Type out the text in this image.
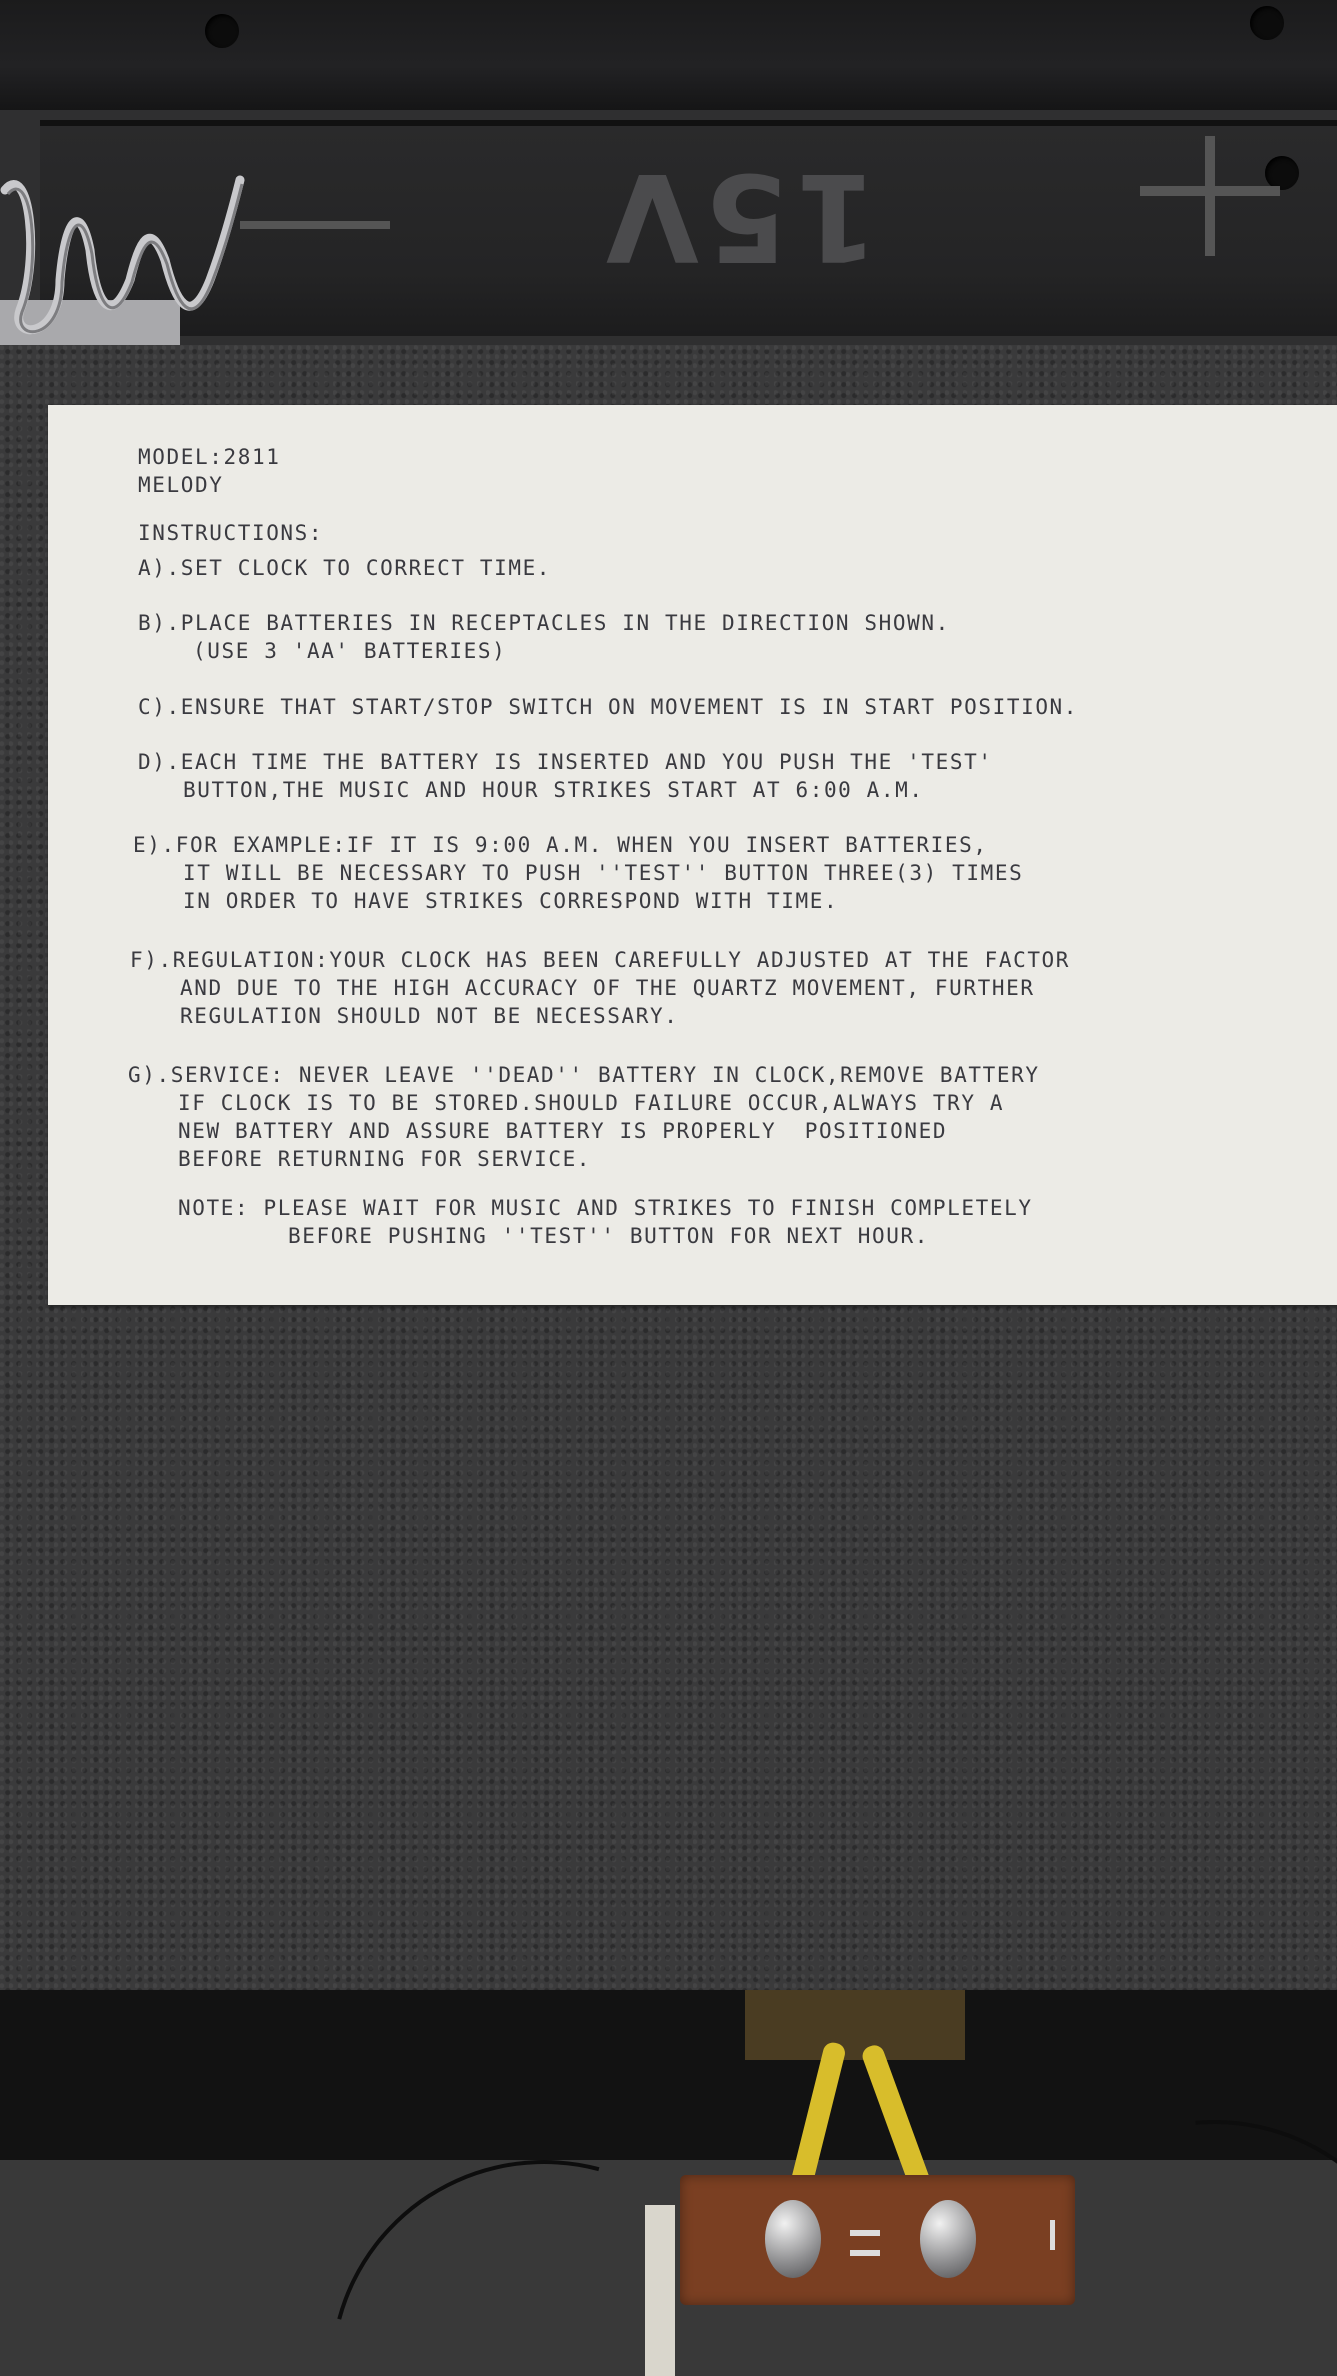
15V
MODEL:2811
MELODY
INSTRUCTIONS:
A).SET CLOCK TO CORRECT TIME.
B).PLACE BATTERIES IN RECEPTACLES IN THE DIRECTION SHOWN.
(USE 3 'AA' BATTERIES)
C).ENSURE THAT START/STOP SWITCH ON MOVEMENT IS IN START POSITION.
D).EACH TIME THE BATTERY IS INSERTED AND YOU PUSH THE 'TEST'
BUTTON,THE MUSIC AND HOUR STRIKES START AT 6:00 A.M.
E).FOR EXAMPLE:IF IT IS 9:00 A.M. WHEN YOU INSERT BATTERIES,
IT WILL BE NECESSARY TO PUSH ''TEST'' BUTTON THREE(3) TIMES
IN ORDER TO HAVE STRIKES CORRESPOND WITH TIME.
F).REGULATION:YOUR CLOCK HAS BEEN CAREFULLY ADJUSTED AT THE FACTOR
AND DUE TO THE HIGH ACCURACY OF THE QUARTZ MOVEMENT, FURTHER
REGULATION SHOULD NOT BE NECESSARY.
G).SERVICE: NEVER LEAVE ''DEAD'' BATTERY IN CLOCK,REMOVE BATTERY
IF CLOCK IS TO BE STORED.SHOULD FAILURE OCCUR,ALWAYS TRY A
NEW BATTERY AND ASSURE BATTERY IS PROPERLY  POSITIONED
BEFORE RETURNING FOR SERVICE.
NOTE: PLEASE WAIT FOR MUSIC AND STRIKES TO FINISH COMPLETELY
BEFORE PUSHING ''TEST'' BUTTON FOR NEXT HOUR.
